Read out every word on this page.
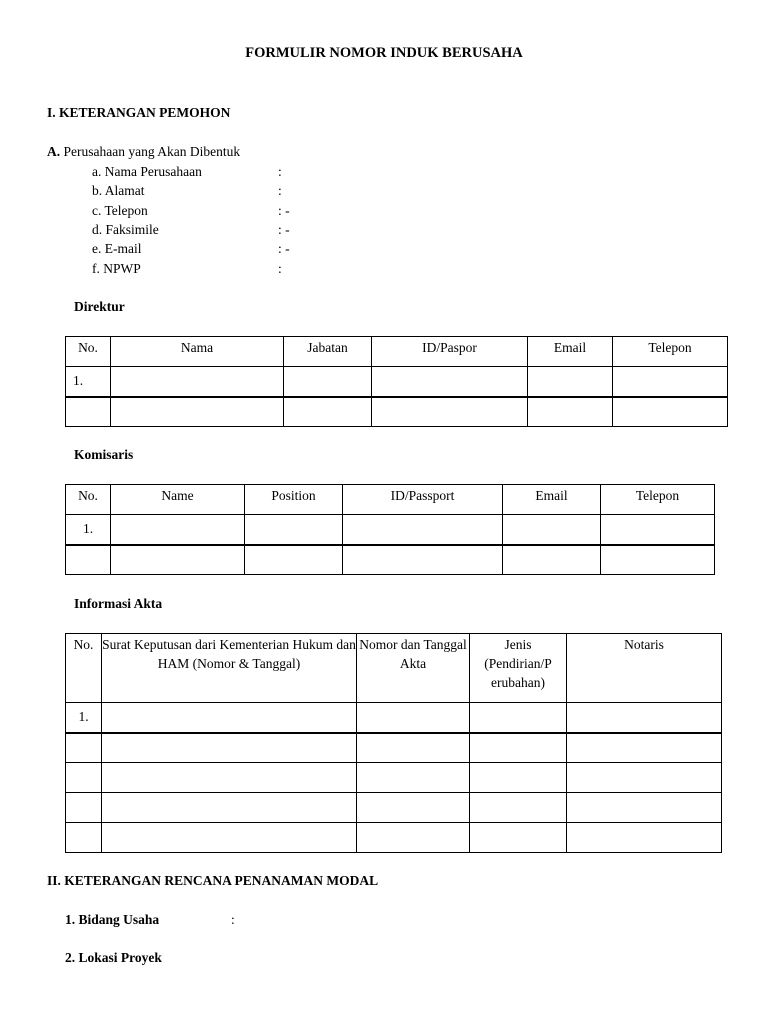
FORMULIR NOMOR INDUK BERUSAHA
I. KETERANGAN PEMOHON
A. Perusahaan yang Akan Dibentuk
a. Nama Perusahaan	:
b. Alamat	:
c. Telepon	: -
d. Faksimile	: -
e. E-mail	: -
f. NPWP	:
Direktur
No.	Nama	Jabatan	ID/Paspor	Email	Telepon
1.					

Komisaris
No.	Name	Position	ID/Passport	Email	Telepon
1.					

Informasi Akta
No.	Surat Keputusan dari Kementerian Hukum dan HAM (Nomor & Tanggal)	Nomor dan Tanggal Akta	Jenis (Pendirian/P erubahan)	Notaris
1.				

II. KETERANGAN RENCANA PENANAMAN MODAL
1. Bidang Usaha	:
2. Lokasi Proyek
